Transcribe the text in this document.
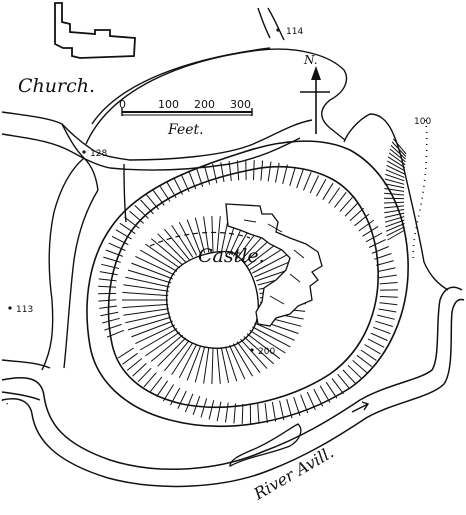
0	100 200 300
Feet.
N.
Church.
Castle.
River Avill.
114
128
113
200
100
